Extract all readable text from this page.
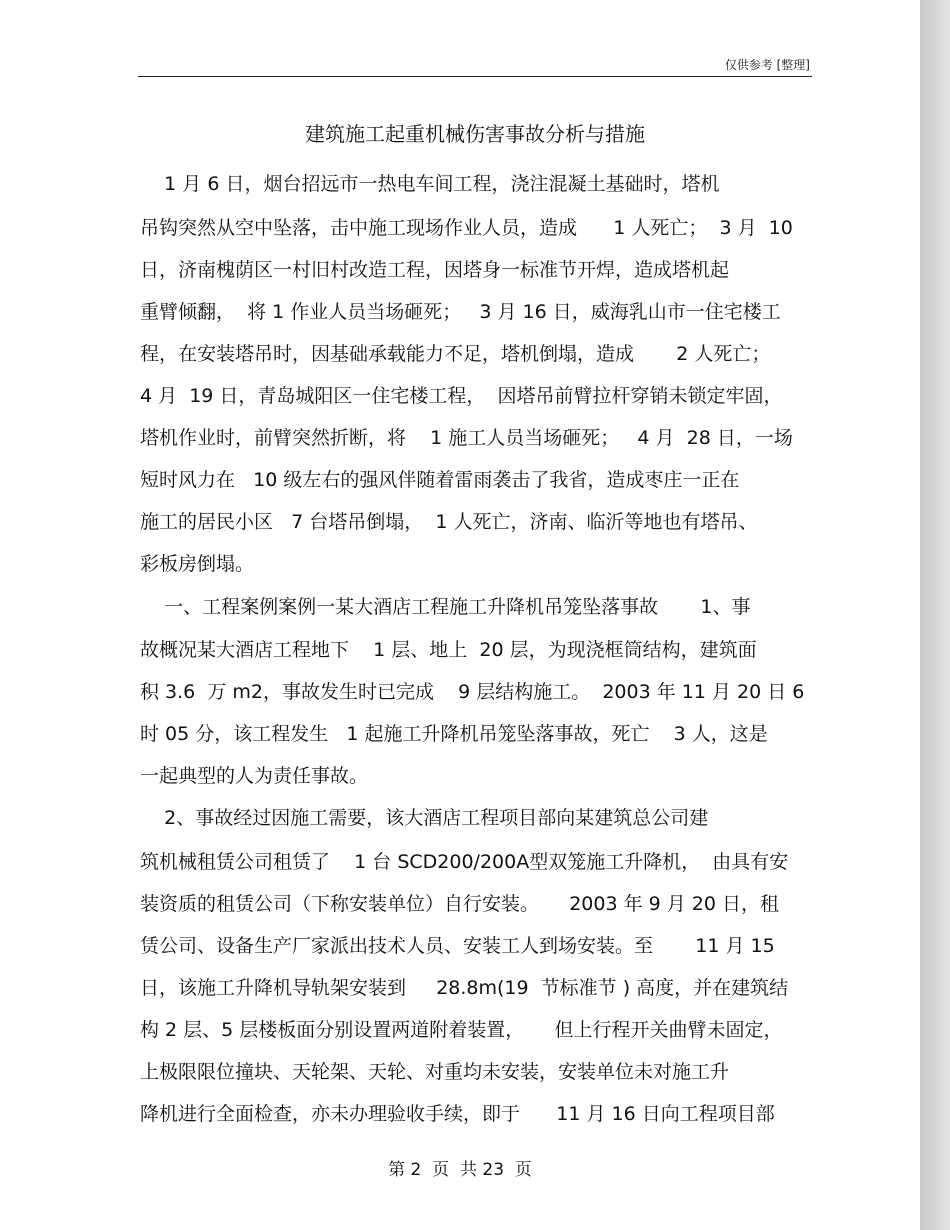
仅供参考 [整理]
建筑施工起重机械伤害事故分析与措施
1 月 6 日，烟台招远市一热电车间工程，浇注混凝土基础时，塔机
吊钩突然从空中坠落，击中施工现场作业人员，造成      1 人死亡；  3 月  10
日，济南槐荫区一村旧村改造工程，因塔身一标准节开焊，造成塔机起
重臂倾翻，  将 1 作业人员当场砸死；   3 月 16 日，威海乳山市一住宅楼工
程，在安装塔吊时，因基础承载能力不足，塔机倒塌，造成       2 人死亡；
4 月  19 日，青岛城阳区一住宅楼工程，  因塔吊前臂拉杆穿销未锁定牢固，
塔机作业时，前臂突然折断，将    1 施工人员当场砸死；   4 月  28 日，一场
短时风力在   10 级左右的强风伴随着雷雨袭击了我省，造成枣庄一正在
施工的居民小区   7 台塔吊倒塌，  1 人死亡，济南、临沂等地也有塔吊、
彩板房倒塌。
一、工程案例案例一某大酒店工程施工升降机吊笼坠落事故       1、事
故概况某大酒店工程地下    1 层、地上  20 层，为现浇框筒结构，建筑面
积 3.6  万 m2，事故发生时已完成    9 层结构施工。  2003 年 11 月 20 日 6
时 05 分，该工程发生   1 起施工升降机吊笼坠落事故，死亡    3 人，这是
一起典型的人为责任事故。
2、事故经过因施工需要，该大酒店工程项目部向某建筑总公司建
筑机械租赁公司租赁了    1 台 SCD200/200A型双笼施工升降机，  由具有安
装资质的租赁公司（下称安装单位）自行安装。     2003 年 9 月 20 日，租
赁公司、设备生产厂家派出技术人员、安装工人到场安装。至       11 月 15
日，该施工升降机导轨架安装到     28.8m(19  节标准节 ) 高度，并在建筑结
构 2 层、5 层楼板面分别设置两道附着装置，     但上行程开关曲臂未固定，
上极限限位撞块、天轮架、天轮、对重均未安装，安装单位未对施工升
降机进行全面检查，亦未办理验收手续，即于      11 月 16 日向工程项目部
第 2  页  共 23  页
